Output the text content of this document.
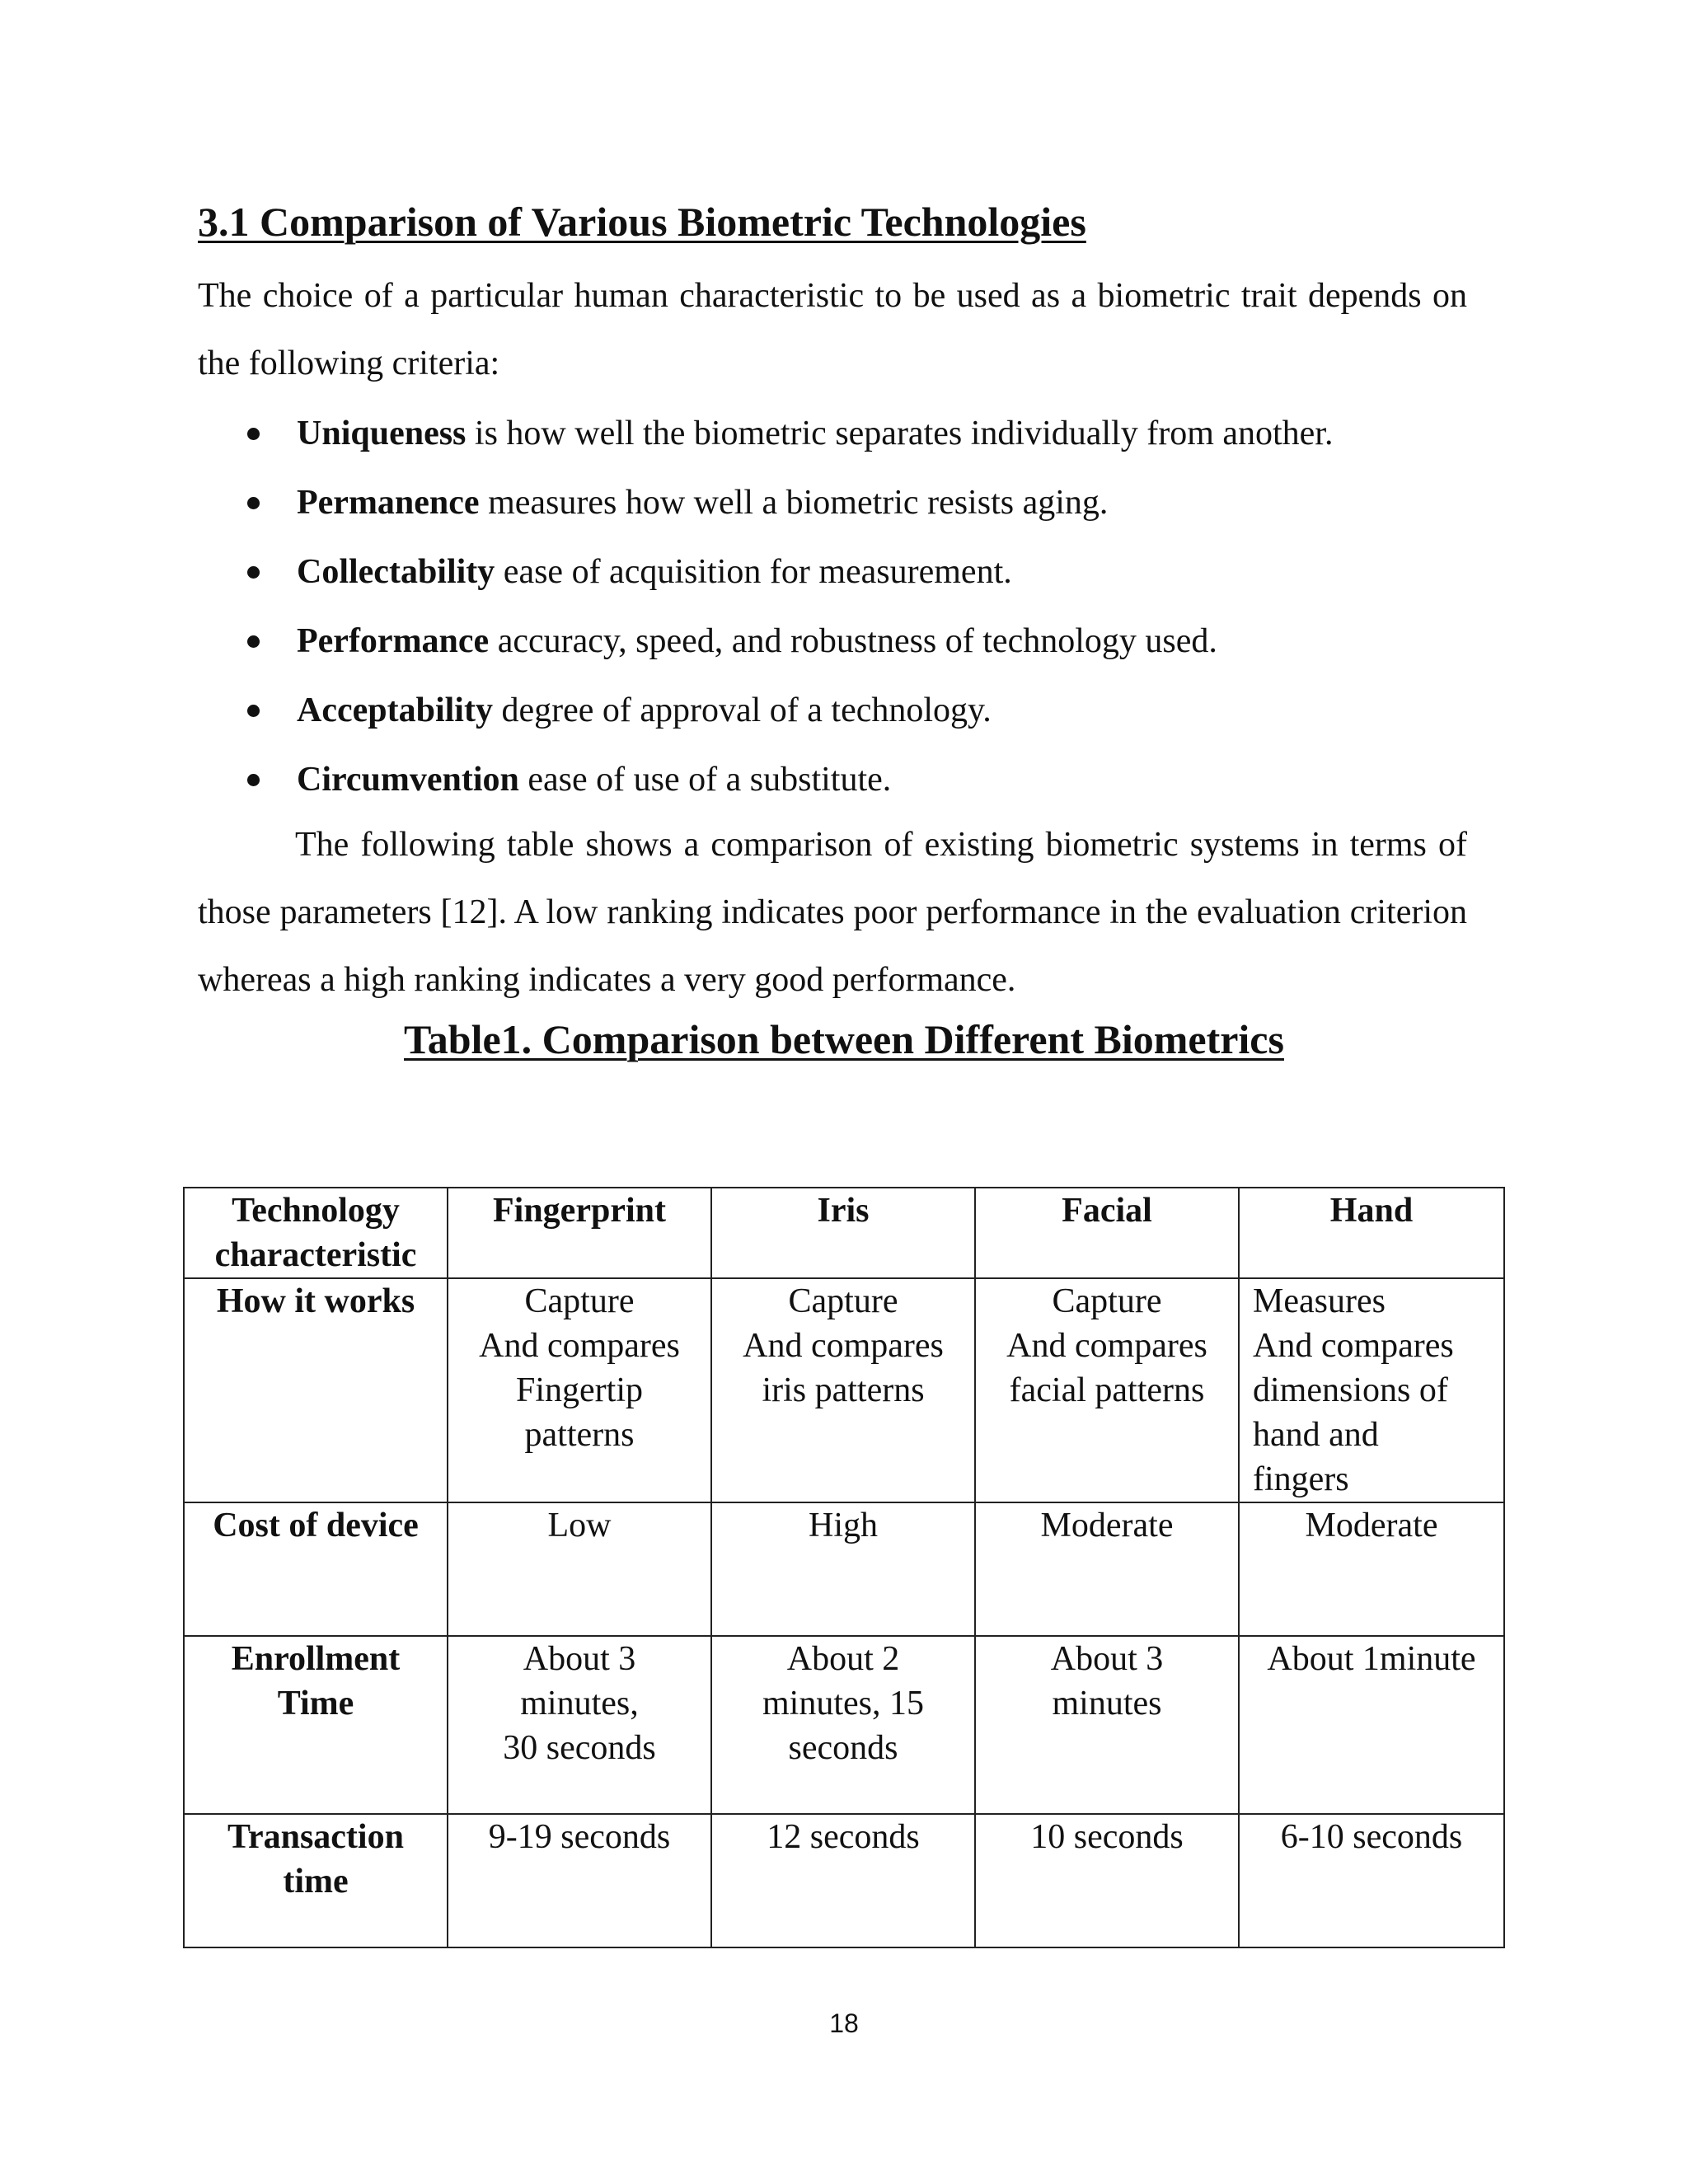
3.1 Comparison of Various Biometric Technologies

The choice of a particular human characteristic to be used as a biometric trait depends on the following criteria:

Uniqueness is how well the biometric separates individually from another.
Permanence measures how well a biometric resists aging.
Collectability ease of acquisition for measurement.
Performance accuracy, speed, and robustness of technology used.
Acceptability degree of approval of a technology.
Circumvention ease of use of a substitute.

The following table shows a comparison of existing biometric systems in terms of those parameters [12]. A low ranking indicates poor performance in the evaluation criterion whereas a high ranking indicates a very good performance.

Table1. Comparison between Different Biometrics
Technology
characteristic	Fingerprint	Iris	Facial	Hand
How it works	Capture
And compares
Fingertip
patterns	Capture
And compares
iris patterns	Capture
And compares
facial patterns	Measures
And compares
dimensions of
hand and
fingers
Cost of device	Low	High	Moderate	Moderate
Enrollment
Time	About 3
minutes,
30 seconds	About 2
minutes, 15
seconds	About 3
minutes	About 1minute
Transaction
time	9-19 seconds	12 seconds	10 seconds	6-10 seconds

18
